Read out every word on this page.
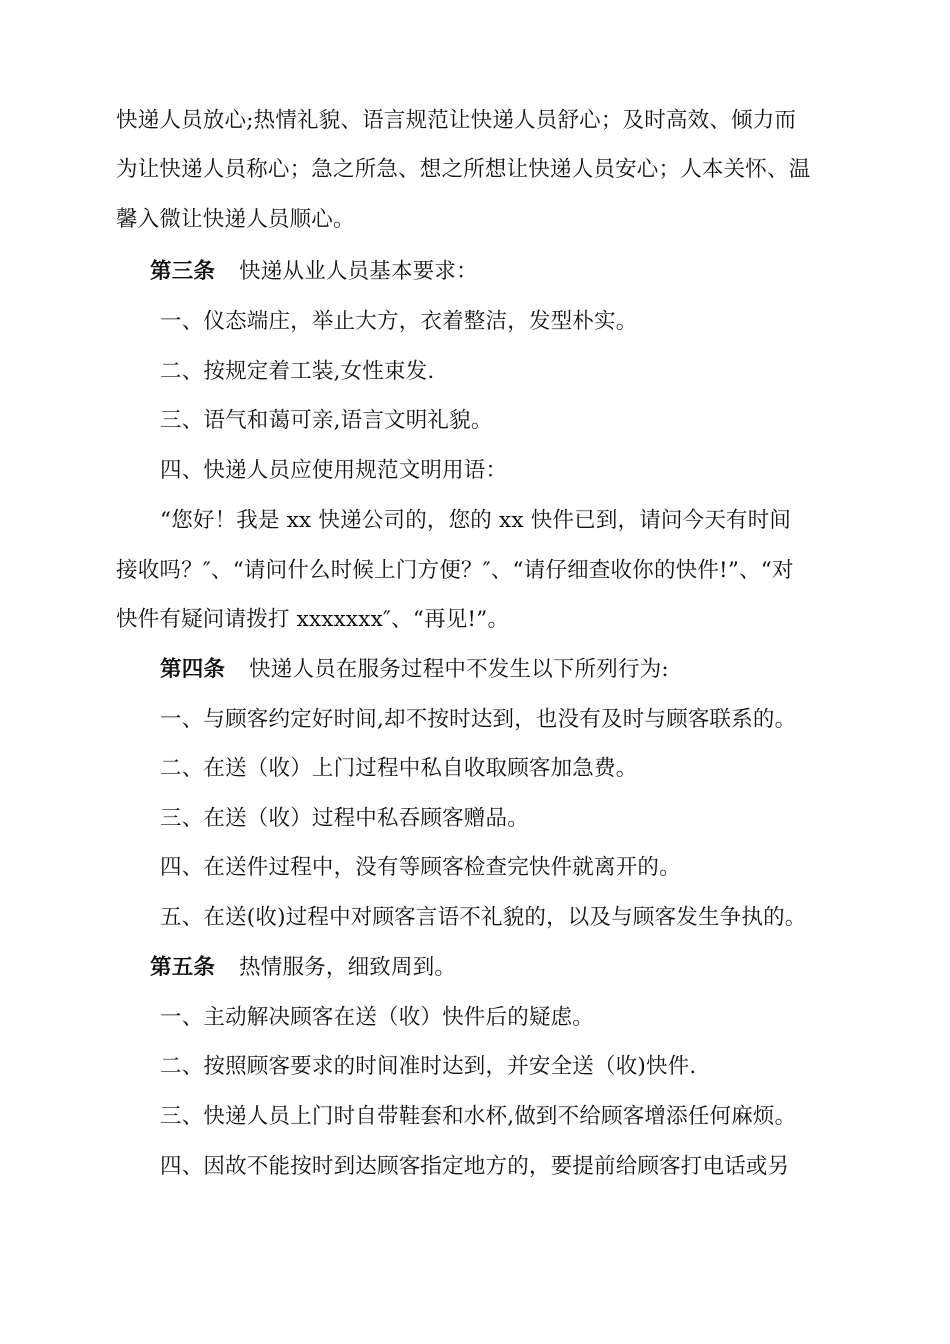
快递人员放心;热情礼貌、语言规范让快递人员舒心；及时高效、倾力而
为让快递人员称心；急之所急、想之所想让快递人员安心；人本关怀、温
馨入微让快递人员顺心。
第三条 快递从业人员基本要求：
一、仪态端庄，举止大方，衣着整洁，发型朴实。
二、按规定着工装,女性束发.
三、语气和蔼可亲,语言文明礼貌。
四、快递人员应使用规范文明用语：
“您好！我是 xx 快递公司的，您的 xx 快件已到，请问今天有时间
接收吗？″、“请问什么时候上门方便？″、“请仔细查收你的快件!”、“对
快件有疑问请拨打 xxxxxxx″、“再见!”。
第四条 快递人员在服务过程中不发生以下所列行为:
一、与顾客约定好时间,却不按时达到，也没有及时与顾客联系的。
二、在送（收）上门过程中私自收取顾客加急费。
三、在送（收）过程中私吞顾客赠品。
四、在送件过程中，没有等顾客检查完快件就离开的。
五、在送(收)过程中对顾客言语不礼貌的，以及与顾客发生争执的。
第五条 热情服务，细致周到。
一、主动解决顾客在送（收）快件后的疑虑。
二、按照顾客要求的时间准时达到，并安全送（收)快件.
三、快递人员上门时自带鞋套和水杯,做到不给顾客增添任何麻烦。
四、因故不能按时到达顾客指定地方的，要提前给顾客打电话或另
